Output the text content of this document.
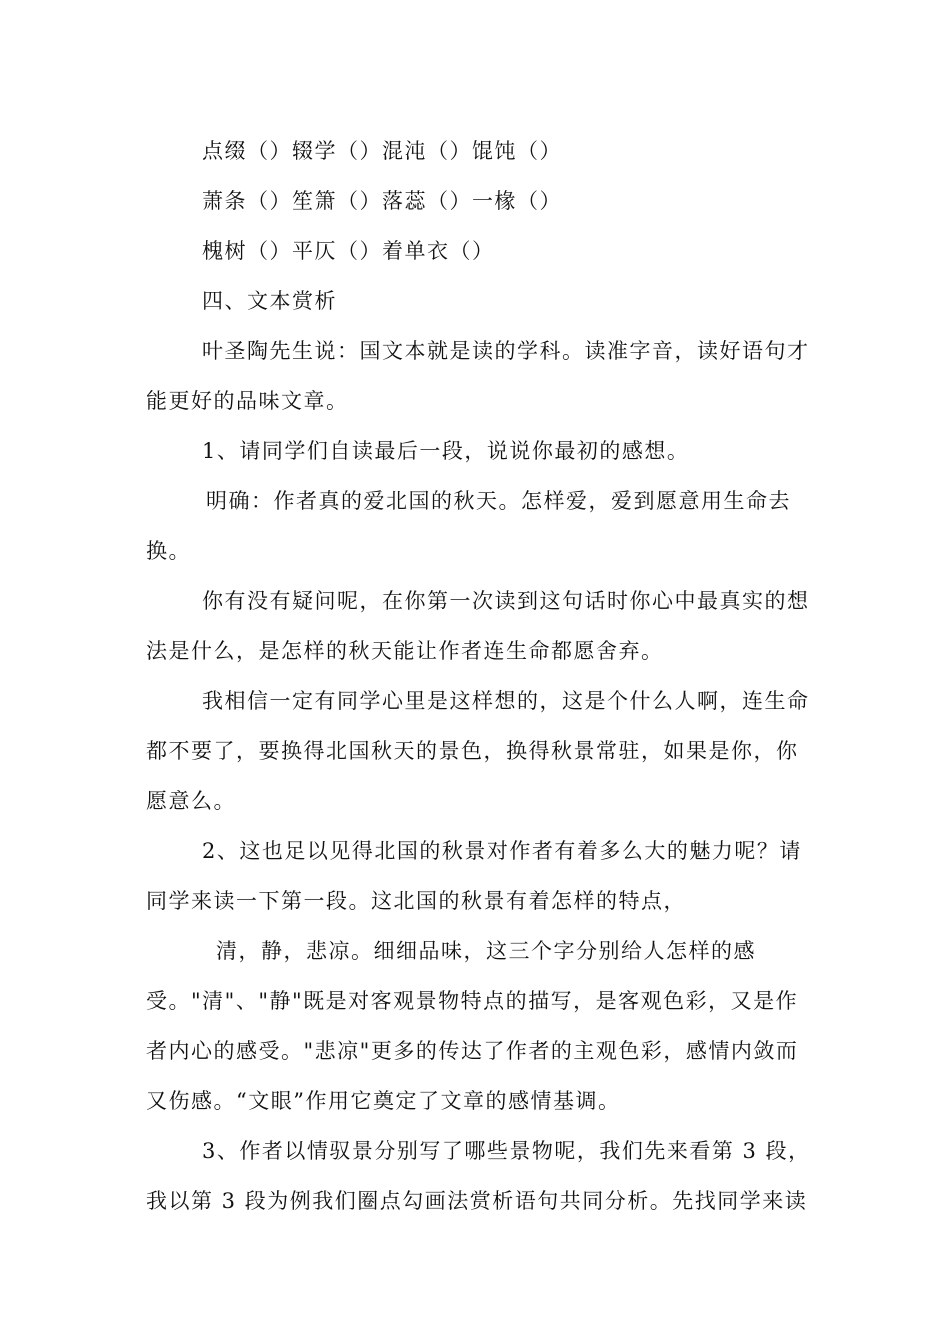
点缀（）辍学（）混沌（）馄饨（）
萧条（）笙箫（）落蕊（）一椽（）
槐树（）平仄（）着单衣（）

四、文本赏析

叶圣陶先生说：国文本就是读的学科。读准字音，读好语句才
能更好的品味文章。

1、请同学们自读最后一段，说说你最初的感想。

明确：作者真的爱北国的秋天。怎样爱，爱到愿意用生命去
换。

你有没有疑问呢，在你第一次读到这句话时你心中最真实的想
法是什么，是怎样的秋天能让作者连生命都愿舍弃。

我相信一定有同学心里是这样想的，这是个什么人啊，连生命
都不要了，要换得北国秋天的景色，换得秋景常驻，如果是你，你
愿意么。

2、这也足以见得北国的秋景对作者有着多么大的魅力呢？请
同学来读一下第一段。这北国的秋景有着怎样的特点，

清，静，悲凉。细细品味，这三个字分别给人怎样的感
受。"清"、"静"既是对客观景物特点的描写，是客观色彩，又是作
者内心的感受。"悲凉"更多的传达了作者的主观色彩，感情内敛而
又伤感。“文眼”作用它奠定了文章的感情基调。

3、作者以情驭景分别写了哪些景物呢，我们先来看第 3 段，
我以第 3 段为例我们圈点勾画法赏析语句共同分析。先找同学来读
